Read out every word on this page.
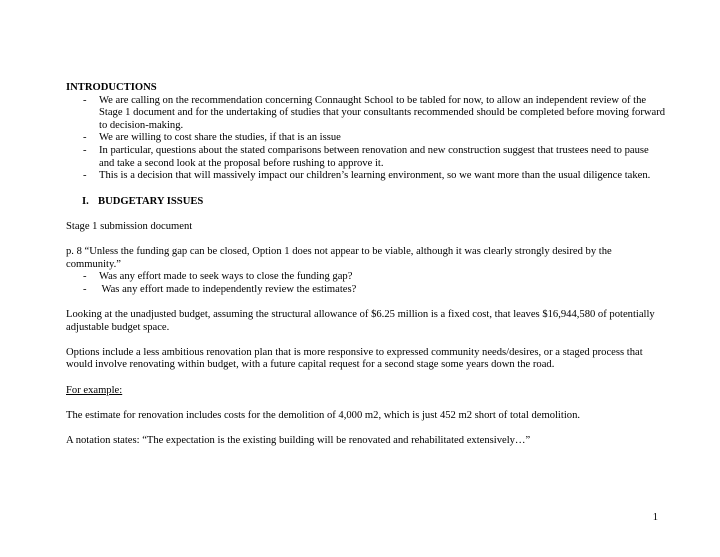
INTRODUCTIONS

- We are calling on the recommendation concerning Connaught School to be tabled for now, to allow an independent review of the Stage 1 document and for the undertaking of studies that your consultants recommended should be completed before moving forward to decision-making.
- We are willing to cost share the studies, if that is an issue
- In particular, questions about the stated comparisons between renovation and new construction suggest that trustees need to pause and take a second look at the proposal before rushing to approve it.
- This is a decision that will massively impact our children’s learning environment, so we want more than the usual diligence taken.

I. BUDGETARY ISSUES

Stage 1 submission document

p. 8 “Unless the funding gap can be closed, Option 1 does not appear to be viable, although it was clearly strongly desired by the community.”

- Was any effort made to seek ways to close the funding gap?
- Was any effort made to independently review the estimates?

Looking at the unadjusted budget, assuming the structural allowance of $6.25 million is a fixed cost, that leaves $16,944,580 of potentially adjustable budget space.

Options include a less ambitious renovation plan that is more responsive to expressed community needs/desires, or a staged process that would involve renovating within budget, with a future capital request for a second stage some years down the road.

For example:

The estimate for renovation includes costs for the demolition of 4,000 m2, which is just 452 m2 short of total demolition.

A notation states: “The expectation is the existing building will be renovated and rehabilitated extensively…”

1
